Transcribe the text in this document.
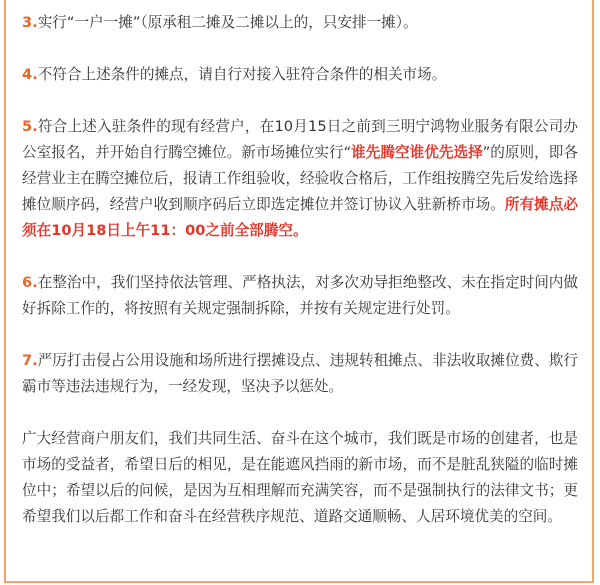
3.实行“一户一摊”（原承租二摊及二摊以上的，只安排一摊）。

4.不符合上述条件的摊点，请自行对接入驻符合条件的相关市场。

5.符合上述入驻条件的现有经营户，在10月15日之前到三明宁鸿物业服务有限公司办公室报名，并开始自行腾空摊位。新市场摊位实行“谁先腾空谁优先选择”的原则，即各经营业主在腾空摊位后，报请工作组验收，经验收合格后，工作组按腾空先后发给选择摊位顺序码，经营户收到顺序码后立即选定摊位并签订协议入驻新桥市场。所有摊点必须在10月18日上午11：00之前全部腾空。

6.在整治中，我们坚持依法管理、严格执法，对多次劝导拒绝整改、未在指定时间内做好拆除工作的，将按照有关规定强制拆除，并按有关规定进行处罚。

7.严厉打击侵占公用设施和场所进行摆摊设点、违规转租摊点、非法收取摊位费、欺行霸市等违法违规行为，一经发现，坚决予以惩处。

广大经营商户朋友们，我们共同生活、奋斗在这个城市，我们既是市场的创建者，也是市场的受益者，希望日后的相见，是在能遮风挡雨的新市场，而不是脏乱狭隘的临时摊位中；希望以后的问候，是因为互相理解而充满笑容，而不是强制执行的法律文书；更希望我们以后都工作和奋斗在经营秩序规范、道路交通顺畅、人居环境优美的空间。
